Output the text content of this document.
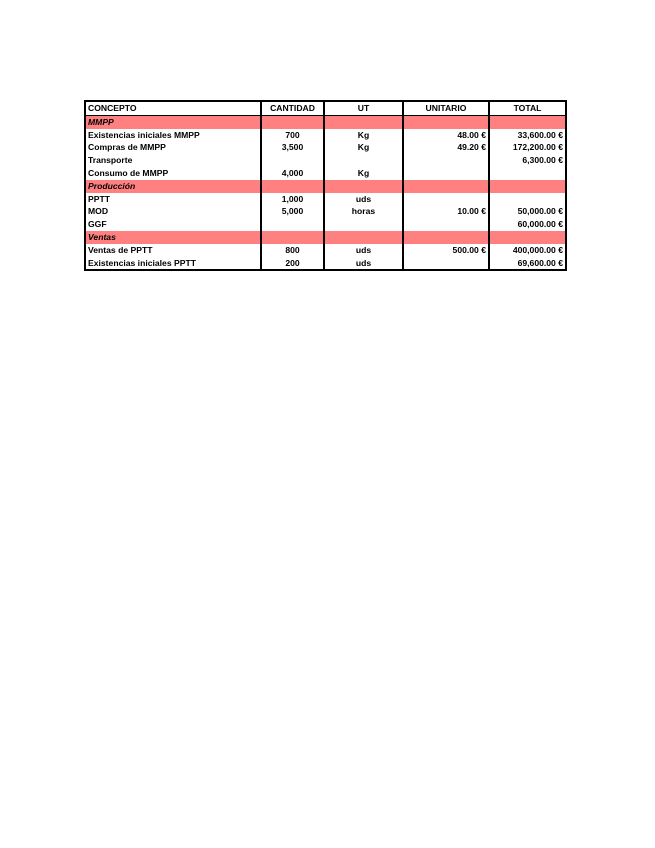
CONCEPTO	CANTIDAD	UT	UNITARIO	TOTAL
MMPP				
Existencias iniciales MMPP	700	Kg	48.00 €	33,600.00 €
Compras de MMPP	3,500	Kg	49.20 €	172,200.00 €
Transporte				6,300.00 €
Consumo de MMPP	4,000	Kg		
Producción				
PPTT	1,000	uds		
MOD	5,000	horas	10.00 €	50,000.00 €
GGF				60,000.00 €
Ventas				
Ventas de PPTT	800	uds	500.00 €	400,000.00 €
Existencias iniciales PPTT	200	uds		69,600.00 €
